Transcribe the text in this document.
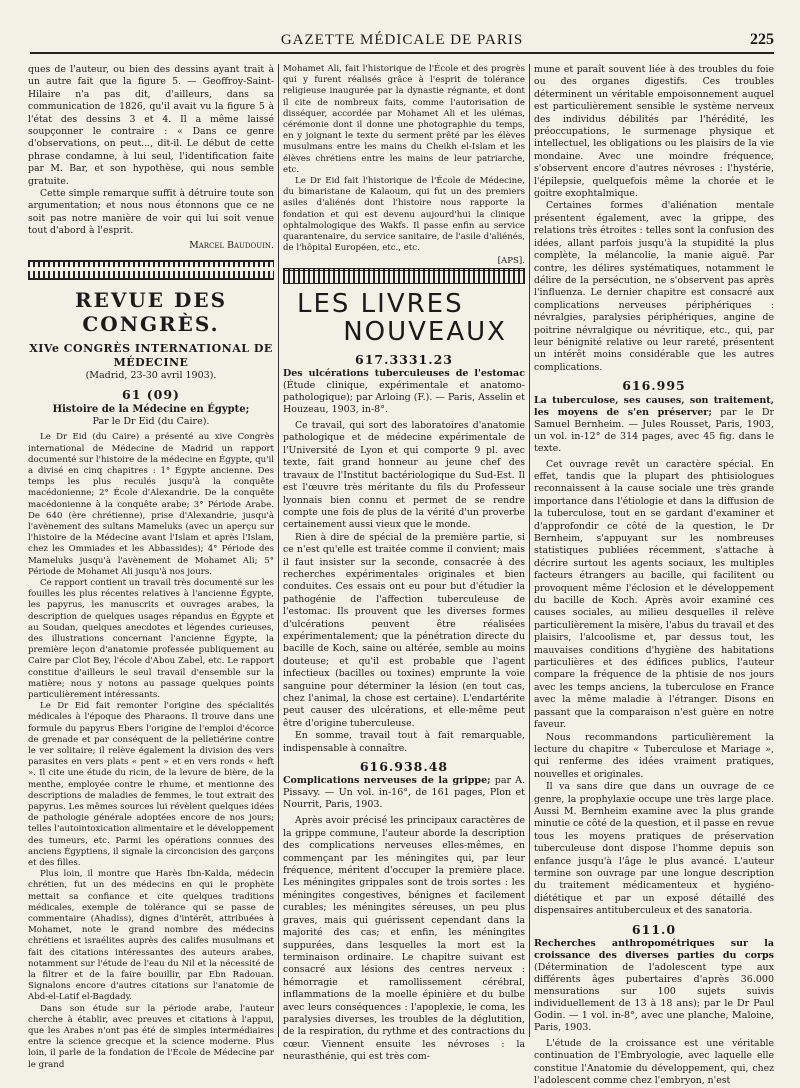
GAZETTE MÉDICALE DE PARIS	225

ques de l'auteur, ou bien des dessins ayant trait à un autre fait que la figure 5. — Geoffroy-Saint-Hilaire n'a pas dit, d'ailleurs, dans sa communication de 1826, qu'il avait vu la figure 5 à l'état des dessins 3 et 4. Il a même laissé soupçonner le contraire : « Dans ce genre d'observations, on peut..., dit-il. Le début de cette phrase condamne, à lui seul, l'identification faite par M. Bar, et son hypothèse, qui nous semble gratuite.

Cette simple remarque suffit à détruire toute son argumentation; et nous nous étonnons que ce ne soit pas notre manière de voir qui lui soit venue tout d'abord à l'esprit.

Marcel Baudouin.

REVUE DES CONGRÈS.
XIVe CONGRÈS INTERNATIONAL DE MÉDECINE
(Madrid, 23-30 avril 1903).
61 (09)
Histoire de la Médecine en Égypte;
Par le Dr Eid (du Caire).

Le Dr Eid (du Caire) a présenté au xive Congrès international de Médecine de Madrid un rapport documenté sur l'histoire de la médecine en Égypte, qu'il a divisé en cinq chapitres : 1° Égypte ancienne. Des temps les plus reculés jusqu'à la conquête macédonienne; 2° École d'Alexandrie. De la conquête macédonienne à la conquête arabe; 3° Période Arabe. De 640 (ère chrétienne), prise d'Alexandrie, jusqu'à l'avènement des sultans Mameluks (avec un aperçu sur l'histoire de la Médecine avant l'Islam et après l'Islam, chez les Ommiades et les Abbassides); 4° Période des Mameluks jusqu'à l'avènement de Mohamet Ali; 5° Période de Mohamet Ali jusqu'à nos jours.

Ce rapport contient un travail très documenté sur les fouilles les plus récentes relatives à l'ancienne Égypte, les papyrus, les manuscrits et ouvrages arabes, la description de quelques usages répandus en Égypte et au Soudan, quelques anecdotes et légendes curieuses, des illustrations concernant l'ancienne Égypte, la première leçon d'anatomie professée publiquement au Caire par Clot Bey, l'école d'Abou Zabel, etc. Le rapport constitue d'ailleurs le seul travail d'ensemble sur la matière; nous y notons au passage quelques points particulièrement intéressants.

Le Dr Eid fait remonter l'origine des spécialités médicales à l'époque des Pharaons. Il trouve dans une formule du papyrus Ebers l'origine de l'emploi d'écorce de grenade et par conséquent de la pelletiérine contre le ver solitaire; il relève également la division des vers parasites en vers plats « pent » et en vers ronds « heft ». Il cite une étude du ricin, de la levure de bière, de la menthe, employée contre le rhume, et mentionne des descriptions de maladies de femmes, le tout extrait des papyrus. Les mêmes sources lui révèlent quelques idées de pathologie générale adoptées encore de nos jours; telles l'autointoxication alimentaire et le développement des tumeurs, etc. Parmi les opérations connues des anciens Égyptiens, il signale la circoncision des garçons et des filles.

Plus loin, il montre que Harès Ibn-Kalda, médecin chrétien, fut un des médecins en qui le prophète mettait sa confiance et cite quelques traditions médicales, exemple de tolérance qui se passe de commentaire (Ahadiss), dignes d'intérêt, attribuées à Mohamet, note le grand nombre des médecins chrétiens et israélites auprès des califes musulmans et fait des citations intéressantes des auteurs arabes, notamment sur l'étude de l'eau du Nil et la nécessité de la filtrer et de la faire bouillir, par Ebn Radouan. Signalons encore d'autres citations sur l'anatomie de Abd-el-Latif el-Bagdady.

Dans son étude sur la période arabe, l'auteur cherche à établir, avec preuves et citations à l'appui, que les Arabes n'ont pas été de simples intermédiaires entre la science grecque et la science moderne. Plus loin, il parle de la fondation de l'École de Médecine par le grand

Mohamet Ali, fait l'historique de l'École et des progrès qui y furent réalisés grâce à l'esprit de tolérance religieuse inaugurée par la dynastie régnante, et dont il cite de nombreux faits, comme l'autorisation de disséquer, accordée par Mohamet Ali et les ulémas, cérémonie dont il donne une photographie du temps, en y joignant le texte du serment prêté par les élèves musulmans entre les mains du Cheikh el-Islam et les élèves chrétiens entre les mains de leur patriarche, etc.

Le Dr Eid fait l'historique de l'École de Médecine, du bimaristane de Kalaoum, qui fut un des premiers asiles d'aliénés dont l'histoire nous rapporte la fondation et qui est devenu aujourd'hui la clinique ophtalmologique des Wakfs. Il passe enfin au service quarantenaire, du service sanitaire, de l'asile d'aliénés, de l'hôpital Européen, etc., etc.

[APS].

LES LIVRES
NOUVEAUX
617.3331.23

Des ulcérations tuberculeuses de l'estomac (Étude clinique, expérimentale et anatomo-pathologique); par Arloing (F.). — Paris, Asselin et Houzeau, 1903, in-8°.

Ce travail, qui sort des laboratoires d'anatomie pathologique et de médecine expérimentale de l'Université de Lyon et qui comporte 9 pl. avec texte, fait grand honneur au jeune chef des travaux de l'Institut bactériologique du Sud-Est. Il est l'œuvre très méritante du fils du Professeur lyonnais bien connu et permet de se rendre compte une fois de plus de la vérité d'un proverbe certainement aussi vieux que le monde.

Rien à dire de spécial de la première partie, si ce n'est qu'elle est traitée comme il convient; mais il faut insister sur la seconde, consacrée à des recherches expérimentales originales et bien conduites. Ces essais ont eu pour but d'étudier la pathogénie de l'affection tuberculeuse de l'estomac. Ils prouvent que les diverses formes d'ulcérations peuvent être réalisées expérimentalement; que la pénétration directe du bacille de Koch, saine ou altérée, semble au moins douteuse; et qu'il est probable que l'agent infectieux (bacilles ou toxines) emprunte la voie sanguine pour déterminer la lésion (en tout cas, chez l'animal, la chose est certaine). L'endartérite peut causer des ulcérations, et elle-même peut être d'origine tuberculeuse.

En somme, travail tout à fait remarquable, indispensable à connaître.

616.938.48

Complications nerveuses de la grippe; par A. Pissavy. — Un vol. in-16°, de 161 pages, Plon et Nourrit, Paris, 1903.

Après avoir précisé les principaux caractères de la grippe commune, l'auteur aborde la description des complications nerveuses elles-mêmes, en commençant par les méningites qui, par leur fréquence, méritent d'occuper la première place. Les méningites grippales sont de trois sortes : les méningites congestives, bénignes et facilement curables; les méningites séreuses, un peu plus graves, mais qui guérissent cependant dans la majorité des cas; et enfin, les méningites suppurées, dans lesquelles la mort est la terminaison ordinaire. Le chapitre suivant est consacré aux lésions des centres nerveux : hémorragie et ramollissement cérébral, inflammations de la moelle épinière et du bulbe avec leurs conséquences : l'apoplexie, le coma, les paralysies diverses, les troubles de la déglutition, de la respiration, du rythme et des contractions du cœur. Viennent ensuite les névroses : la neurasthénie, qui est très com-

mune et paraît souvent liée à des troubles du foie ou des organes digestifs. Ces troubles déterminent un véritable empoisonnement auquel est particulièrement sensible le système nerveux des individus débilités par l'hérédité, les préoccupations, le surmenage physique et intellectuel, les obligations ou les plaisirs de la vie mondaine. Avec une moindre fréquence, s'observent encore d'autres névroses : l'hystérie, l'épilepsie, quelquefois même la chorée et le goitre exophtalmique.

Certaines formes d'aliénation mentale présentent également, avec la grippe, des relations très étroites : telles sont la confusion des idées, allant parfois jusqu'à la stupidité la plus complète, la mélancolie, la manie aiguë. Par contre, les délires systématiques, notamment le délire de la persécution, ne s'observent pas après l'influenza. Le dernier chapitre est consacré aux complications nerveuses périphériques : névralgies, paralysies périphériques, angine de poitrine névralgique ou névritique, etc., qui, par leur bénignité relative ou leur rareté, présentent un intérêt moins considérable que les autres complications.

616.995

La tuberculose, ses causes, son traitement, les moyens de s'en préserver; par le Dr Samuel Bernheim. — Jules Rousset, Paris, 1903, un vol. in-12° de 314 pages, avec 45 fig. dans le texte.

Cet ouvrage revêt un caractère spécial. En effet, tandis que la plupart des phtisiologues reconnaissent à la cause sociale une très grande importance dans l'étiologie et dans la diffusion de la tuberculose, tout en se gardant d'examiner et d'approfondir ce côté de la question, le Dr Bernheim, s'appuyant sur les nombreuses statistiques publiées récemment, s'attache à décrire surtout les agents sociaux, les multiples facteurs étrangers au bacille, qui facilitent ou provoquent même l'éclosion et le développement du bacille de Koch. Après avoir examiné ces causes sociales, au milieu desquelles il relève particulièrement la misère, l'abus du travail et des plaisirs, l'alcoolisme et, par dessus tout, les mauvaises conditions d'hygiène des habitations particulières et des édifices publics, l'auteur compare la fréquence de la phtisie de nos jours avec les temps anciens, la tuberculose en France avec la même maladie à l'étranger. Disons en passant que la comparaison n'est guère en notre faveur.

Nous recommandons particulièrement la lecture du chapitre « Tuberculose et Mariage », qui renferme des idées vraiment pratiques, nouvelles et originales.

Il va sans dire que dans un ouvrage de ce genre, la prophylaxie occupe une très large place. Aussi M. Bernheim examine avec la plus grande minutie ce côté de la question, et il passe en revue tous les moyens pratiques de préservation tuberculeuse dont dispose l'homme depuis son enfance jusqu'à l'âge le plus avancé. L'auteur termine son ouvrage par une longue description du traitement médicamenteux et hygiéno-diététique et par un exposé détaillé des dispensaires antituberculeux et des sanatoria.

611.0

Recherches anthropométriques sur la croissance des diverses parties du corps (Détermination de l'adolescent type aux différents âges pubertaires d'après 36.000 mensurations sur 100 sujets suivis individuellement de 13 à 18 ans); par le Dr Paul Godin. — 1 vol. in-8°, avec une planche, Maloine, Paris, 1903.

L'étude de la croissance est une véritable continuation de l'Embryologie, avec laquelle elle constitue l'Anatomie du développement, qui, chez l'adolescent comme chez l'embryon, n'est
